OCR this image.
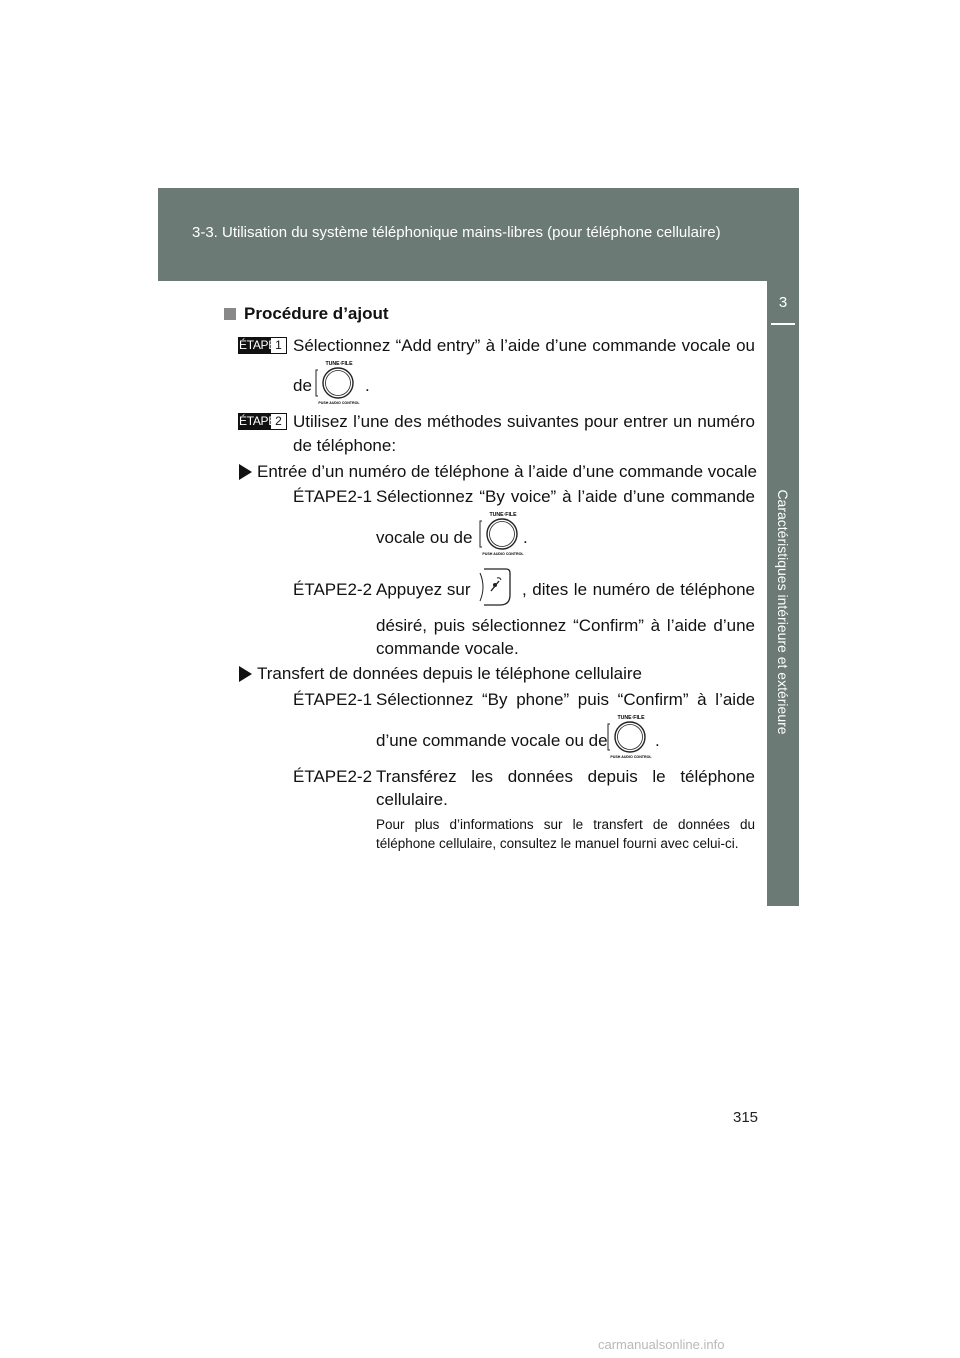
3-3. Utilisation du système téléphonique mains-libres (pour téléphone cellulaire)
3
Caractéristiques intérieure et extérieure
Procédure d’ajout
ÉTAPE 1 Sélectionnez “Add entry” à l’aide d’une commande vocale ou
de
TUNE·FILE
PUSH AUDIO CONTROL
.
ÉTAPE 2 Utilisez l’une des méthodes suivantes pour entrer un numéro
de téléphone:
Entrée d’un numéro de téléphone à l’aide d’une commande vocale
ÉTAPE2-1 Sélectionnez “By voice” à l’aide d’une commande
vocale ou de
TUNE·FILE
PUSH AUDIO CONTROL
.
ÉTAPE2-2 Appuyez sur	, dites le numéro de téléphone
désiré, puis sélectionnez “Confirm” à l’aide d’une
commande vocale.
Transfert de données depuis le téléphone cellulaire
ÉTAPE2-1 Sélectionnez “By phone” puis “Confirm” à l’aide
d’une commande vocale ou de
TUNE·FILE
PUSH AUDIO CONTROL
.
ÉTAPE2-2 Transférez les données depuis le téléphone
cellulaire.
Pour plus d’informations sur le transfert de données du téléphone cellulaire, consultez le manuel fourni avec celui-ci.
315
carmanualsonline.info
